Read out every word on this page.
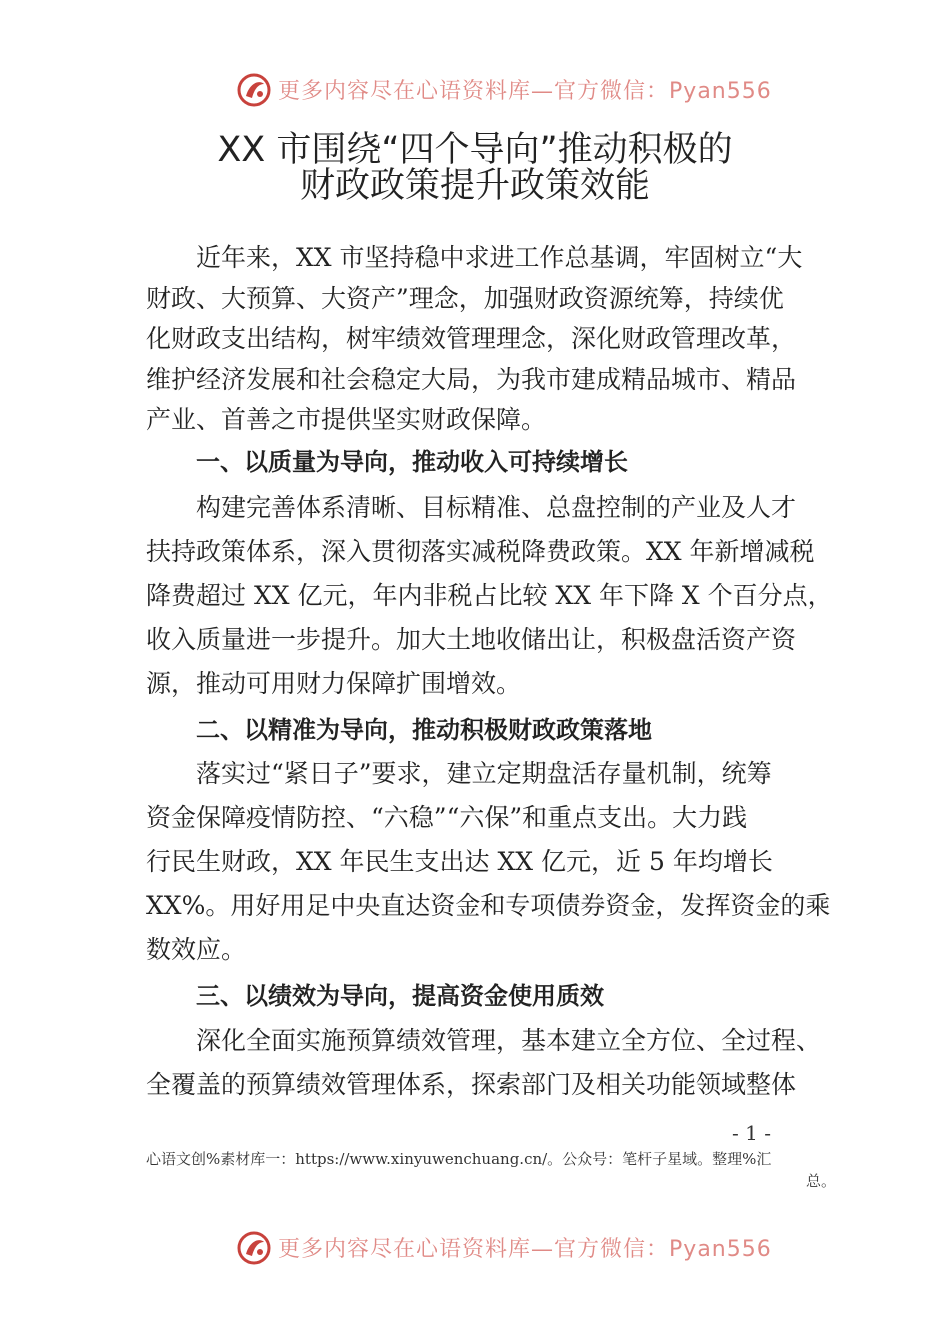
更多内容尽在心语资料库—官方微信：Pyan556
XX 市围绕“四个导向”推动积极的
财政政策提升政策效能
　　近年来，XX 市坚持稳中求进工作总基调，牢固树立“大
财政、大预算、大资产”理念，加强财政资源统筹，持续优
化财政支出结构，树牢绩效管理理念，深化财政管理改革，
维护经济发展和社会稳定大局，为我市建成精品城市、精品
产业、首善之市提供坚实财政保障。
一、以质量为导向，推动收入可持续增长
　　构建完善体系清晰、目标精准、总盘控制的产业及人才
扶持政策体系，深入贯彻落实减税降费政策。XX 年新增减税
降费超过 XX 亿元，年内非税占比较 XX 年下降 X 个百分点，
收入质量进一步提升。加大土地收储出让，积极盘活资产资
源，推动可用财力保障扩围增效。
二、以精准为导向，推动积极财政政策落地
　　落实过“紧日子”要求，建立定期盘活存量机制，统筹
资金保障疫情防控、“六稳”“六保”和重点支出。大力践
行民生财政，XX 年民生支出达 XX 亿元，近 5 年均增长
XX%。用好用足中央直达资金和专项债券资金，发挥资金的乘
数效应。
三、以绩效为导向，提高资金使用质效
　　深化全面实施预算绩效管理，基本建立全方位、全过程、
全覆盖的预算绩效管理体系，探索部门及相关功能领域整体
- 1 -
心语文创%素材库一：https://www.xinyuwenchuang.cn/。公众号：笔杆子星域。整理%汇
总。
更多内容尽在心语资料库—官方微信：Pyan556
